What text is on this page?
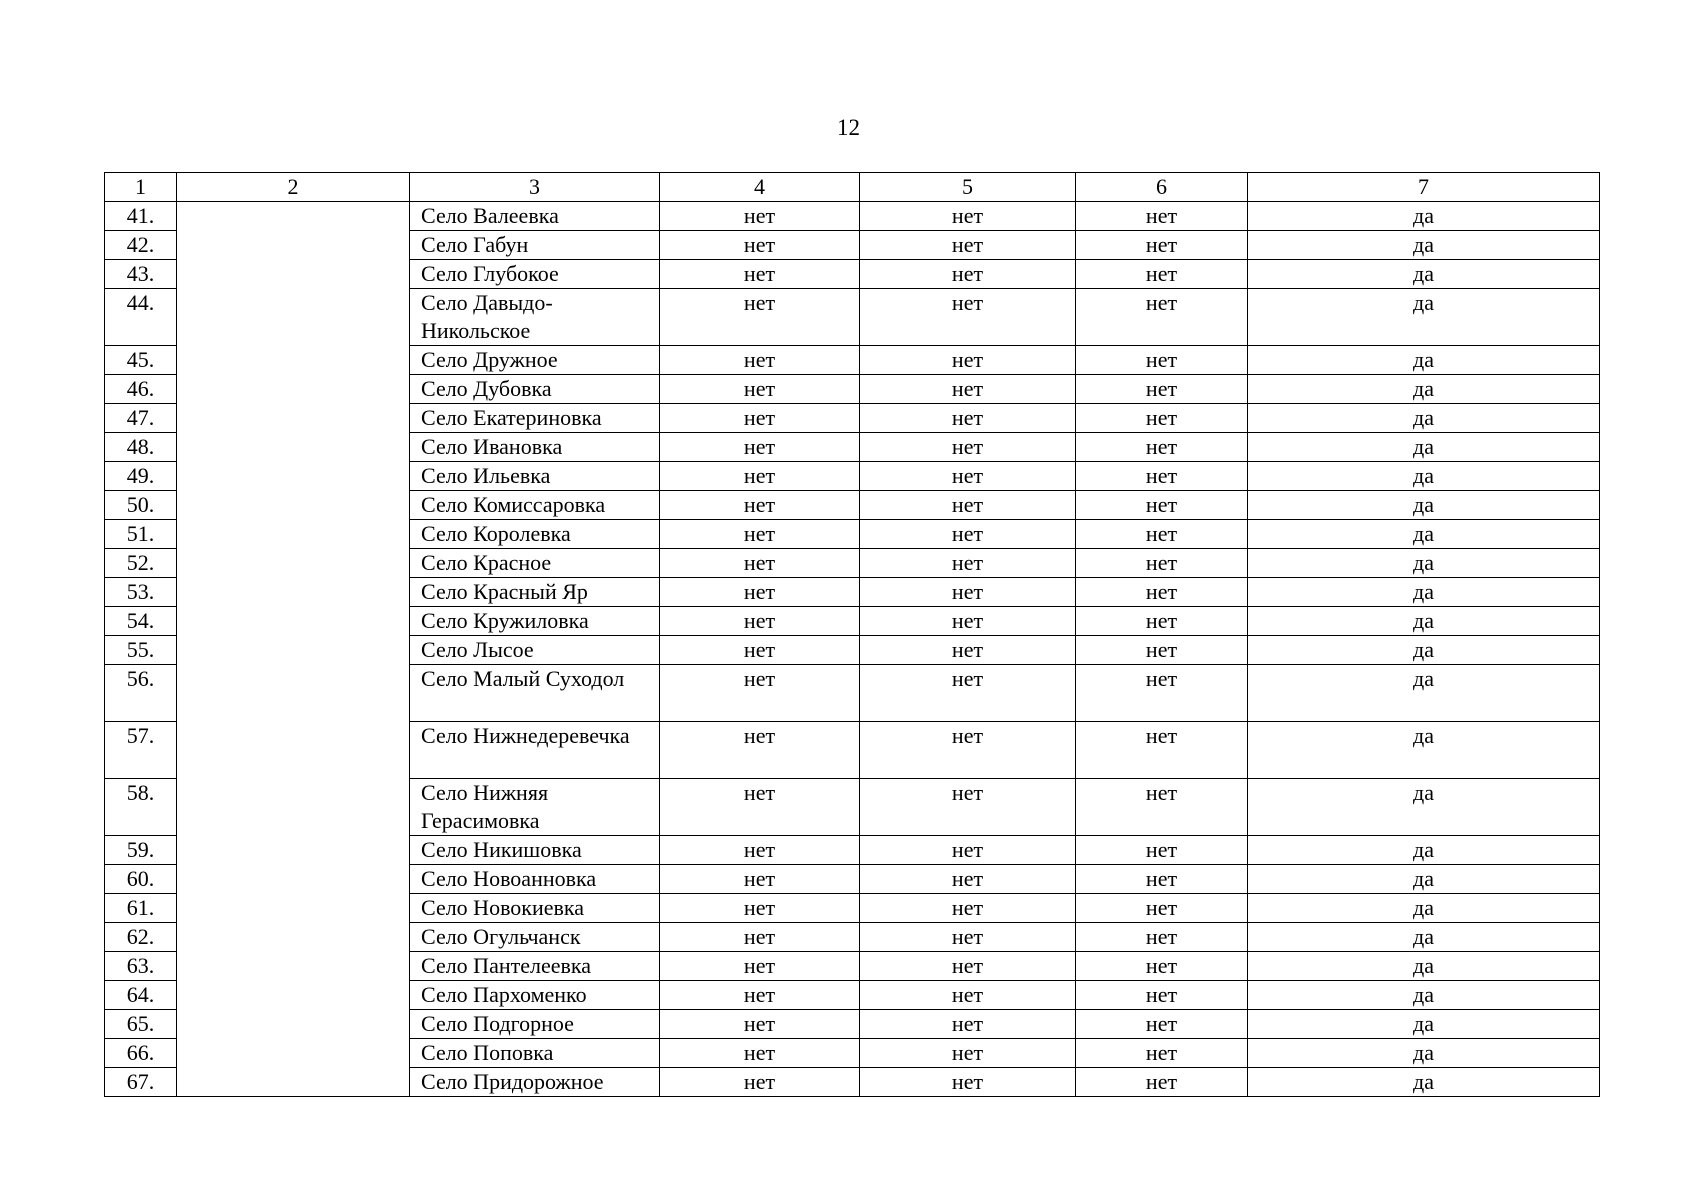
12
1	2	3	4	5	6	7
41.		Село Валеевка	нет	нет	нет	да
42.		Село Габун	нет	нет	нет	да
43.		Село Глубокое	нет	нет	нет	да
44.		Село Давыдо-Никольское	нет	нет	нет	да
45.		Село Дружное	нет	нет	нет	да
46.		Село Дубовка	нет	нет	нет	да
47.		Село Екатериновка	нет	нет	нет	да
48.		Село Ивановка	нет	нет	нет	да
49.		Село Ильевка	нет	нет	нет	да
50.		Село Комиссаровка	нет	нет	нет	да
51.		Село Королевка	нет	нет	нет	да
52.		Село Красное	нет	нет	нет	да
53.		Село Красный Яр	нет	нет	нет	да
54.		Село Кружиловка	нет	нет	нет	да
55.		Село Лысое	нет	нет	нет	да
56.		Село Малый Суходол	нет	нет	нет	да
57.		Село Нижнедеревечка	нет	нет	нет	да
58.		Село Нижняя Герасимовка	нет	нет	нет	да
59.		Село Никишовка	нет	нет	нет	да
60.		Село Новоанновка	нет	нет	нет	да
61.		Село Новокиевка	нет	нет	нет	да
62.		Село Огульчанск	нет	нет	нет	да
63.		Село Пантелеевка	нет	нет	нет	да
64.		Село Пархоменко	нет	нет	нет	да
65.		Село Подгорное	нет	нет	нет	да
66.		Село Поповка	нет	нет	нет	да
67.		Село Придорожное	нет	нет	нет	да
